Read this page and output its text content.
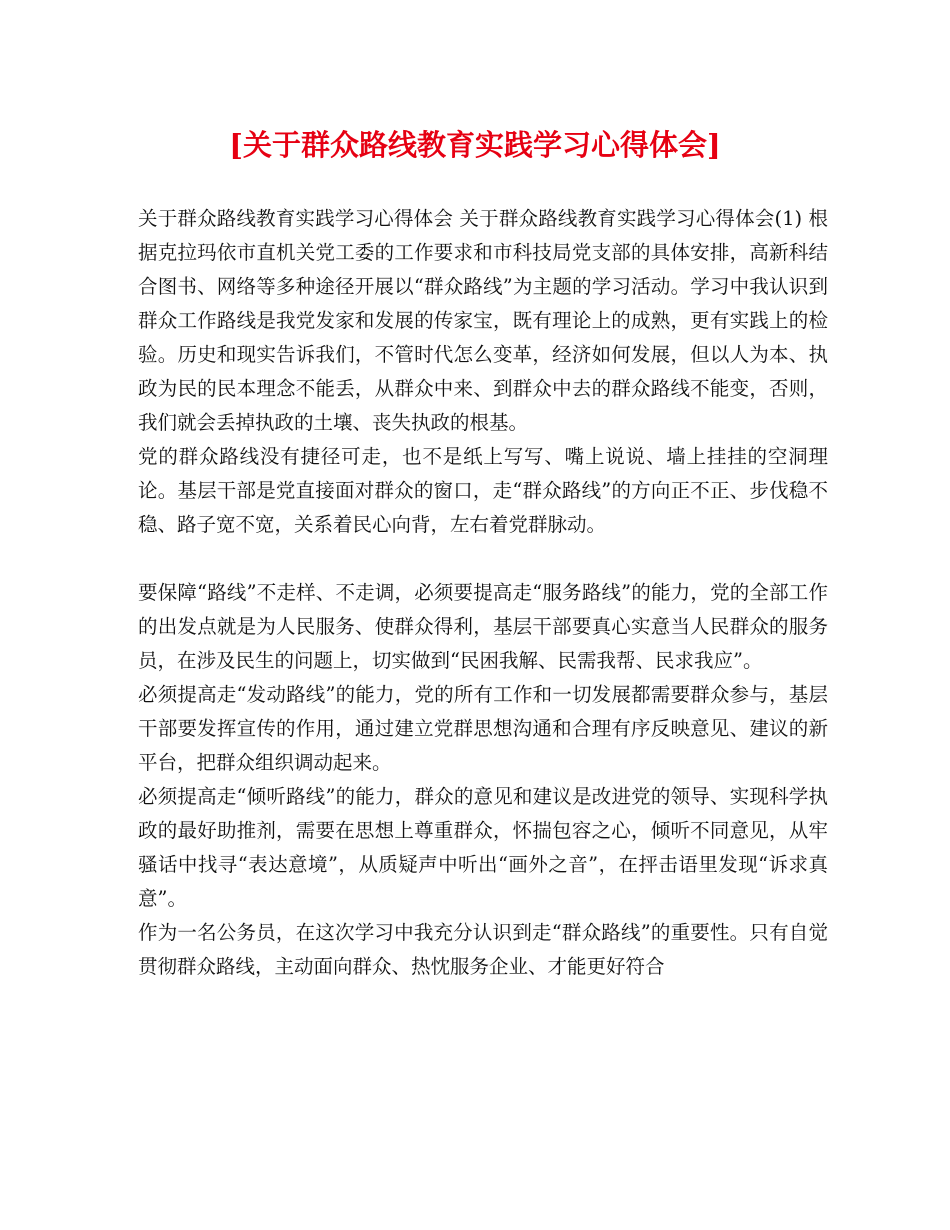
[关于群众路线教育实践学习心得体会]

关于群众路线教育实践学习心得体会 关于群众路线教育实践学习心得体会(1) 根据克拉玛依市直机关党工委的工作要求和市科技局党支部的具体安排，高新科结合图书、网络等多种途径开展以“群众路线”为主题的学习活动。学习中我认识到群众工作路线是我党发家和发展的传家宝，既有理论上的成熟，更有实践上的检验。历史和现实告诉我们，不管时代怎么变革，经济如何发展，但以人为本、执政为民的民本理念不能丢，从群众中来、到群众中去的群众路线不能变，否则，我们就会丢掉执政的土壤、丧失执政的根基。

党的群众路线没有捷径可走，也不是纸上写写、嘴上说说、墙上挂挂的空洞理论。基层干部是党直接面对群众的窗口，走“群众路线”的方向正不正、步伐稳不稳、路子宽不宽，关系着民心向背，左右着党群脉动。

要保障“路线”不走样、不走调，必须要提高走“服务路线”的能力，党的全部工作的出发点就是为人民服务、使群众得利，基层干部要真心实意当人民群众的服务员，在涉及民生的问题上，切实做到“民困我解、民需我帮、民求我应”。

必须提高走“发动路线”的能力，党的所有工作和一切发展都需要群众参与，基层干部要发挥宣传的作用，通过建立党群思想沟通和合理有序反映意见、建议的新平台，把群众组织调动起来。

必须提高走“倾听路线”的能力，群众的意见和建议是改进党的领导、实现科学执政的最好助推剂，需要在思想上尊重群众，怀揣包容之心，倾听不同意见，从牢骚话中找寻“表达意境”，从质疑声中听出“画外之音”，在抨击语里发现“诉求真意”。

作为一名公务员，在这次学习中我充分认识到走“群众路线”的重要性。只有自觉贯彻群众路线，主动面向群众、热忱服务企业、才能更好符合
